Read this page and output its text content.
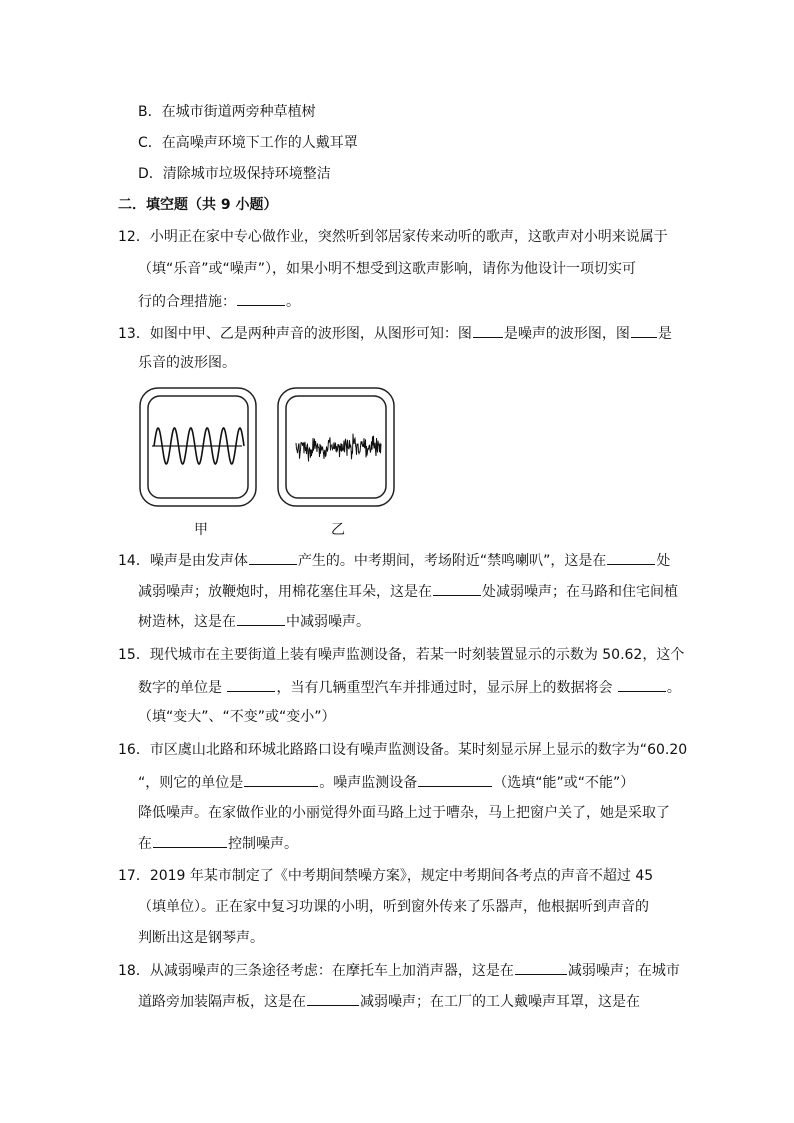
B．在城市街道两旁种草植树
C．在高噪声环境下工作的人戴耳罩
D．清除城市垃圾保持环境整洁
二．填空题（共 9 小题）
12．小明正在家中专心做作业，突然听到邻居家传来动听的歌声，这歌声对小明来说属于
（填“乐音”或“噪声”），如果小明不想受到这歌声影响，请你为他设计一项切实可
行的合理措施：	。
13．如图中甲、乙是两种声音的波形图，从图形可知：图 是噪声的波形图，图 是
乐音的波形图。
甲	乙
14．噪声是由发声体	产生的。中考期间，考场附近“禁鸣喇叭”，这是在	处
减弱噪声；放鞭炮时，用棉花塞住耳朵，这是在	处减弱噪声；在马路和住宅间植
树造林，这是在	中减弱噪声。
15．现代城市在主要街道上装有噪声监测设备，若某一时刻装置显示的示数为 50.62，这个
数字的单位是	，当有几辆重型汽车并排通过时，显示屏上的数据将会	。
（填“变大”、“不变”或“变小”）
16．市区虞山北路和环城北路路口设有噪声监测设备。某时刻显示屏上显示的数字为“60.20
“，则它的单位是	。噪声监测设备	（选填“能”或“不能”）
降低噪声。在家做作业的小丽觉得外面马路上过于嘈杂，马上把窗户关了，她是采取了
在	控制噪声。
17．2019 年某市制定了《中考期间禁噪方案》，规定中考期间各考点的声音不超过 45
（填单位）。正在家中复习功课的小明，听到窗外传来了乐器声，他根据听到声音的
判断出这是钢琴声。
18．从减弱噪声的三条途径考虑：在摩托车上加消声器，这是在	减弱噪声；在城市
道路旁加装隔声板，这是在	减弱噪声；在工厂的工人戴噪声耳罩，这是在
